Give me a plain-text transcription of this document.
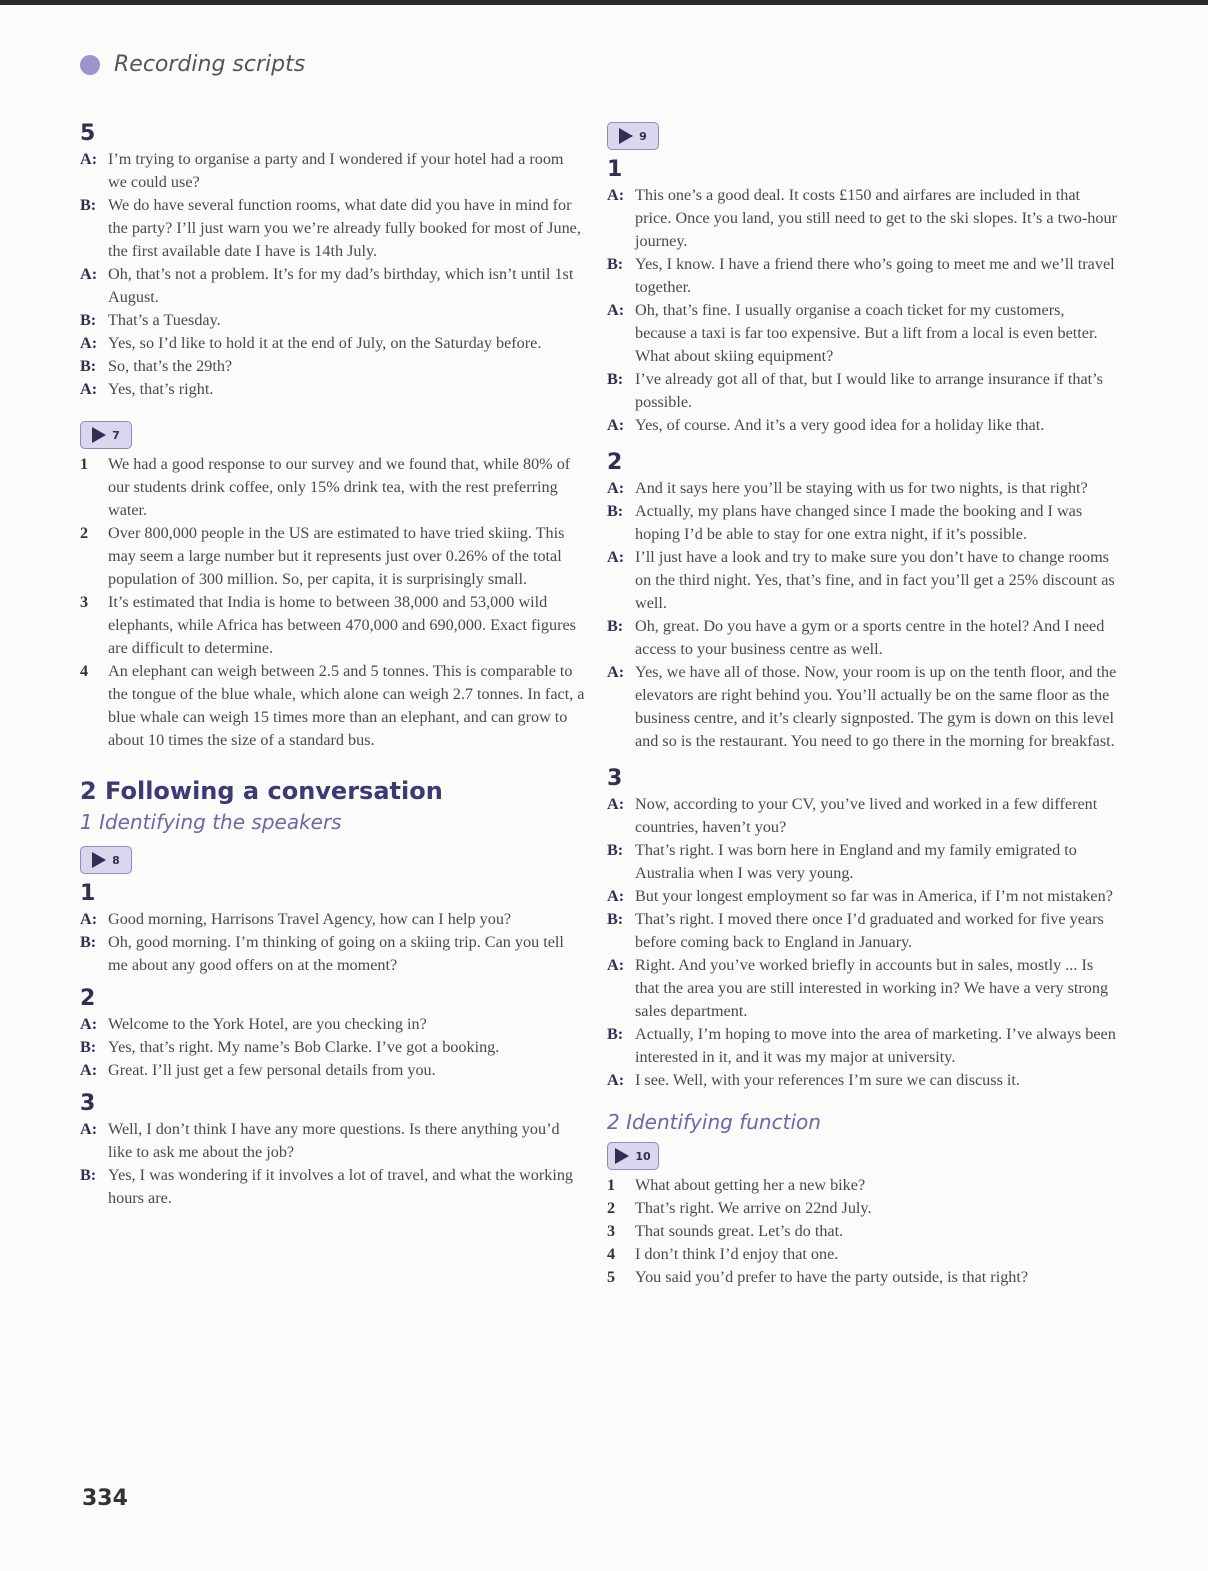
Recording scripts
5
A: I’m trying to organise a party and I wondered if your hotel had a room we could use?
B: We do have several function rooms, what date did you have in mind for the party? I’ll just warn you we’re already fully booked for most of June, the first available date I have is 14th July.
A: Oh, that’s not a problem. It’s for my dad’s birthday, which isn’t until 1st August.
B: That’s a Tuesday.
A: Yes, so I’d like to hold it at the end of July, on the Saturday before.
B: So, that’s the 29th?
A: Yes, that’s right.
7
1	We had a good response to our survey and we found that, while 80% of our students drink coffee, only 15% drink tea, with the rest preferring water.
2	Over 800,000 people in the US are estimated to have tried skiing. This may seem a large number but it represents just over 0.26% of the total population of 300 million. So, per capita, it is surprisingly small.
3	It’s estimated that India is home to between 38,000 and 53,000 wild elephants, while Africa has between 470,000 and 690,000. Exact figures are difficult to determine.
4	An elephant can weigh between 2.5 and 5 tonnes. This is comparable to the tongue of the blue whale, which alone can weigh 2.7 tonnes. In fact, a blue whale can weigh 15 times more than an elephant, and can grow to about 10 times the size of a standard bus.
2 Following a conversation
1 Identifying the speakers
8
1
A: Good morning, Harrisons Travel Agency, how can I help you?
B: Oh, good morning. I’m thinking of going on a skiing trip. Can you tell me about any good offers on at the moment?
2
A: Welcome to the York Hotel, are you checking in?
B: Yes, that’s right. My name’s Bob Clarke. I’ve got a booking.
A: Great. I’ll just get a few personal details from you.
3
A: Well, I don’t think I have any more questions. Is there anything you’d like to ask me about the job?
B: Yes, I was wondering if it involves a lot of travel, and what the working hours are.
9
1
A: This one’s a good deal. It costs £150 and airfares are included in that price. Once you land, you still need to get to the ski slopes. It’s a two-hour journey.
B: Yes, I know. I have a friend there who’s going to meet me and we’ll travel together.
A: Oh, that’s fine. I usually organise a coach ticket for my customers, because a taxi is far too expensive. But a lift from a local is even better. What about skiing equipment?
B: I’ve already got all of that, but I would like to arrange insurance if that’s possible.
A: Yes, of course. And it’s a very good idea for a holiday like that.
2
A: And it says here you’ll be staying with us for two nights, is that right?
B: Actually, my plans have changed since I made the booking and I was hoping I’d be able to stay for one extra night, if it’s possible.
A: I’ll just have a look and try to make sure you don’t have to change rooms on the third night. Yes, that’s fine, and in fact you’ll get a 25% discount as well.
B: Oh, great. Do you have a gym or a sports centre in the hotel? And I need access to your business centre as well.
A: Yes, we have all of those. Now, your room is up on the tenth floor, and the elevators are right behind you. You’ll actually be on the same floor as the business centre, and it’s clearly signposted. The gym is down on this level and so is the restaurant. You need to go there in the morning for breakfast.
3
A: Now, according to your CV, you’ve lived and worked in a few different countries, haven’t you?
B: That’s right. I was born here in England and my family emigrated to Australia when I was very young.
A: But your longest employment so far was in America, if I’m not mistaken?
B: That’s right. I moved there once I’d graduated and worked for five years before coming back to England in January.
A: Right. And you’ve worked briefly in accounts but in sales, mostly ... Is that the area you are still interested in working in? We have a very strong sales department.
B: Actually, I’m hoping to move into the area of marketing. I’ve always been interested in it, and it was my major at university.
A: I see. Well, with your references I’m sure we can discuss it.
2 Identifying function
10
1	What about getting her a new bike?
2	That’s right. We arrive on 22nd July.
3	That sounds great. Let’s do that.
4	I don’t think I’d enjoy that one.
5	You said you’d prefer to have the party outside, is that right?
334
